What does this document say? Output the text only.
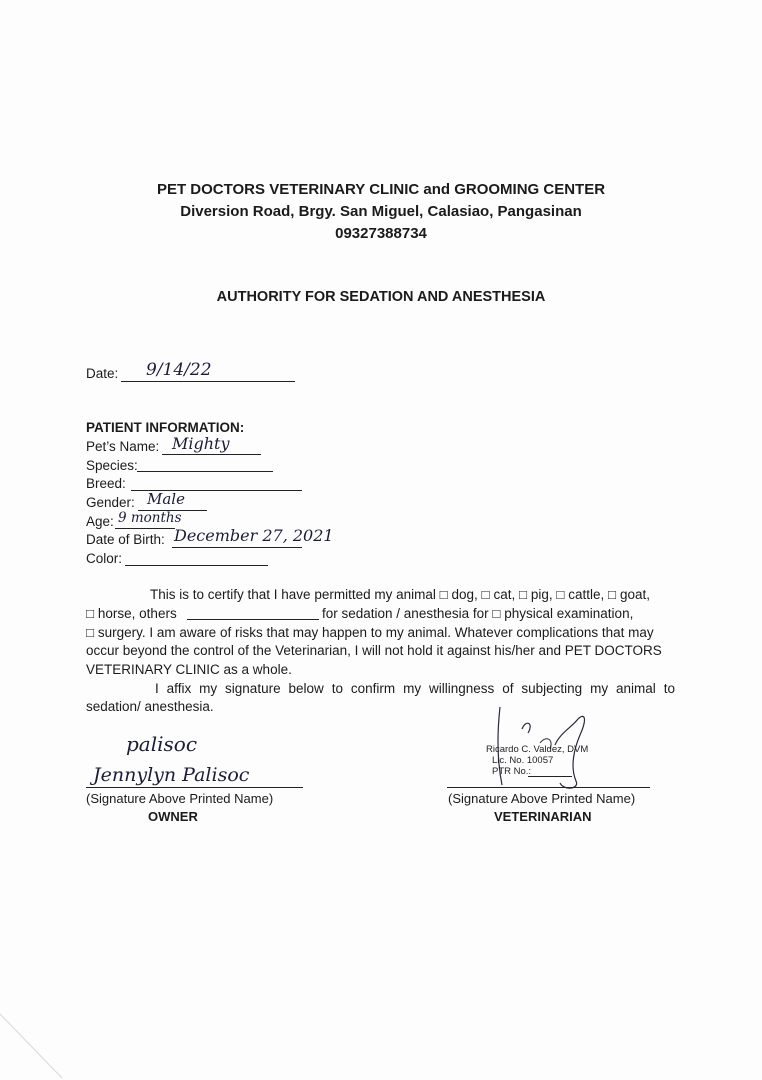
PET DOCTORS VETERINARY CLINIC and GROOMING CENTER
Diversion Road, Brgy. San Miguel, Calasiao, Pangasinan
09327388734
AUTHORITY FOR SEDATION AND ANESTHESIA
Date: 9/14/22
PATIENT INFORMATION:
Pet’s Name: Mighty
Species:
Breed:
Gender: Male
Age: 9 months
Date of Birth: December 27, 2021
Color:
This is to certify that I have permitted my animal □ dog, □ cat, □ pig, □ cattle, □ goat,
□ horse, others	for sedation / anesthesia for □ physical examination,
□ surgery. I am aware of risks that may happen to my animal. Whatever complications that may
occur beyond the control of the Veterinarian, I will not hold it against his/her and PET DOCTORS
VETERINARY CLINIC as a whole.
I affix my signature below to confirm my willingness of subjecting my animal to
sedation/ anesthesia.
palisoc
Jennylyn Palisoc
(Signature Above Printed Name)
OWNER
Ricardo C. Valdez, DVM
Lic. No. 10057
PTR No.:
(Signature Above Printed Name)
VETERINARIAN
